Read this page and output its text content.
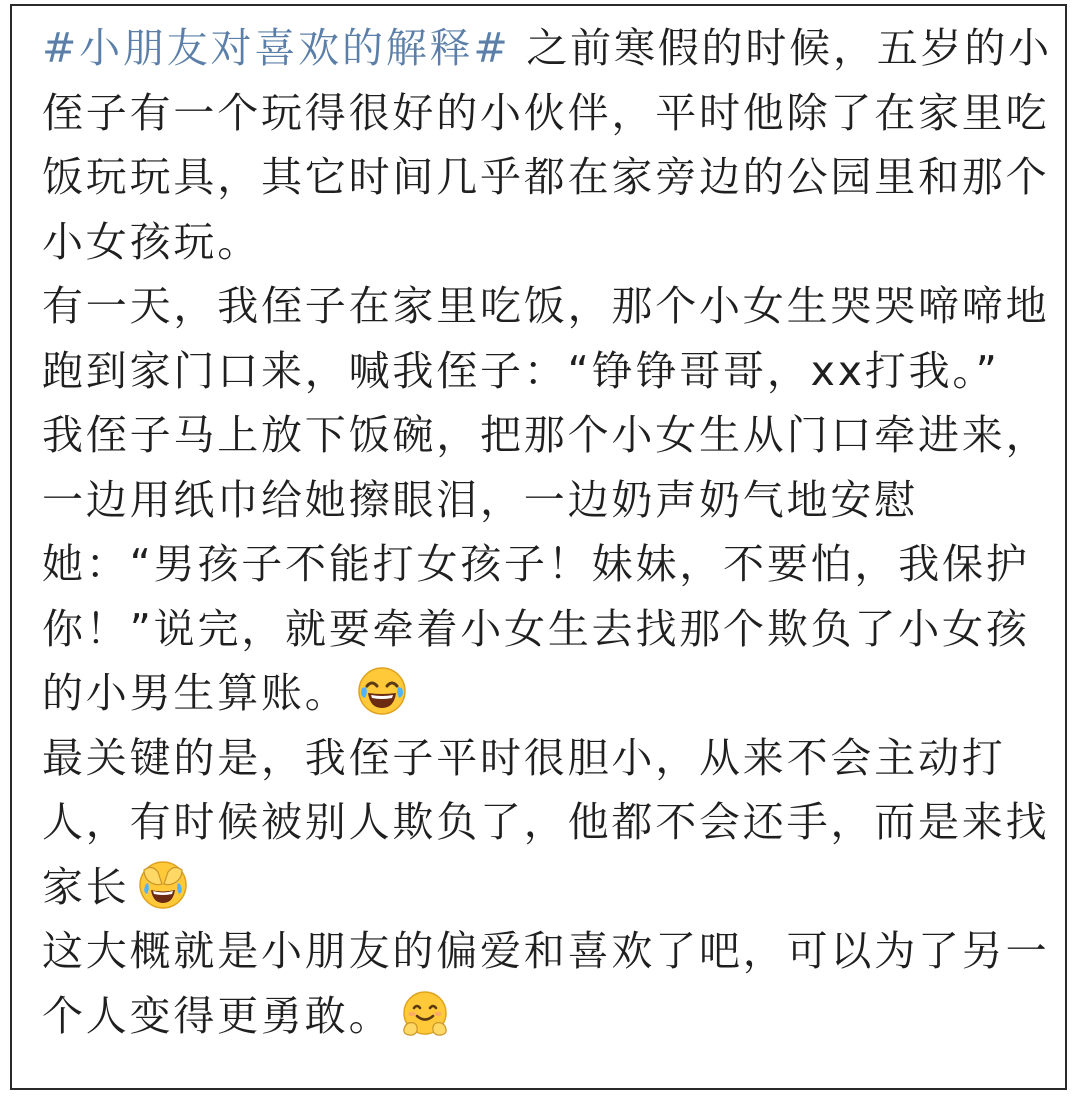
#小朋友对喜欢的解释# 之前寒假的时候，五岁的小侄子有一个玩得很好的小伙伴，平时他除了在家里吃饭玩玩具，其它时间几乎都在家旁边的公园里和那个小女孩玩。

有一天，我侄子在家里吃饭，那个小女生哭哭啼啼地跑到家门口来，喊我侄子：“铮铮哥哥，xx打我。”

我侄子马上放下饭碗，把那个小女生从门口牵进来，一边用纸巾给她擦眼泪，一边奶声奶气地安慰她：“男孩子不能打女孩子！妹妹，不要怕，我保护你！”说完，就要牵着小女生去找那个欺负了小女孩的小男生算账。

最关键的是，我侄子平时很胆小，从来不会主动打人，有时候被别人欺负了，他都不会还手，而是来找家长

这大概就是小朋友的偏爱和喜欢了吧，可以为了另一个人变得更勇敢。
